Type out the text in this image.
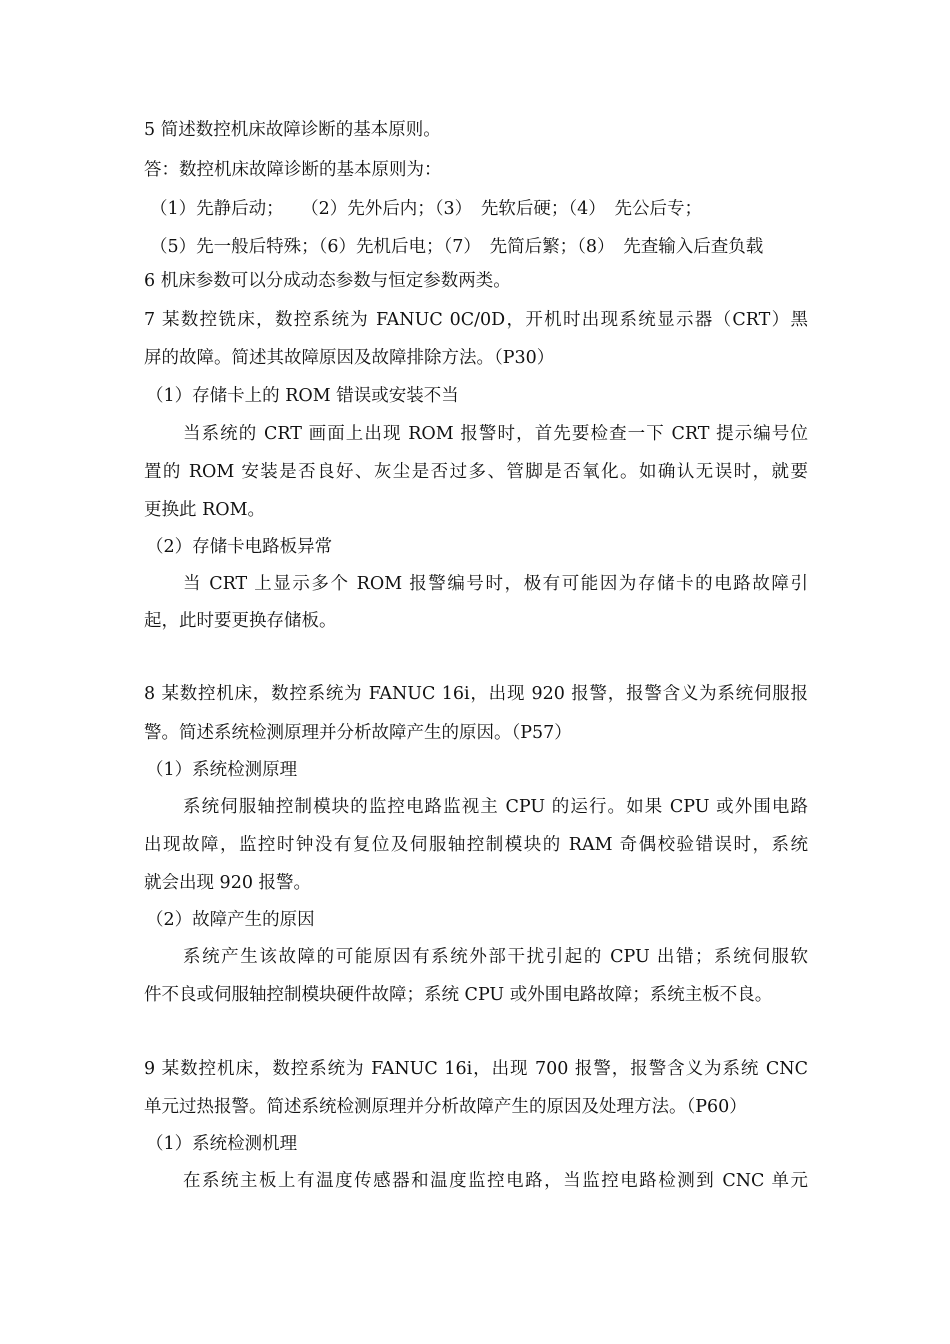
5 简述数控机床故障诊断的基本原则。
答：数控机床故障诊断的基本原则为：
（1）先静后动；　　（2）先外后内；（3）　先软后硬；（4）　先公后专；
（5）先一般后特殊；（6）先机后电；（7）　先简后繁；（8）　先查输入后查负载
6 机床参数可以分成动态参数与恒定参数两类。
7 某数控铣床，数控系统为 FANUC 0C/0D，开机时出现系统显示器（CRT）黑
屏的故障。简述其故障原因及故障排除方法。（P30）
（1）存储卡上的 ROM 错误或安装不当
当系统的 CRT 画面上出现 ROM 报警时，首先要检查一下 CRT 提示编号位
置的 ROM 安装是否良好、灰尘是否过多、管脚是否氧化。如确认无误时，就要
更换此 ROM。
（2）存储卡电路板异常
当 CRT 上显示多个 ROM 报警编号时，极有可能因为存储卡的电路故障引
起，此时要更换存储板。
8 某数控机床，数控系统为 FANUC 16i，出现 920 报警，报警含义为系统伺服报
警。简述系统检测原理并分析故障产生的原因。（P57）
（1）系统检测原理
系统伺服轴控制模块的监控电路监视主 CPU 的运行。如果 CPU 或外围电路
出现故障，监控时钟没有复位及伺服轴控制模块的 RAM 奇偶校验错误时，系统
就会出现 920 报警。
（2）故障产生的原因
系统产生该故障的可能原因有系统外部干扰引起的 CPU 出错；系统伺服软
件不良或伺服轴控制模块硬件故障；系统 CPU 或外围电路故障；系统主板不良。
9 某数控机床，数控系统为 FANUC 16i，出现 700 报警，报警含义为系统 CNC
单元过热报警。简述系统检测原理并分析故障产生的原因及处理方法。（P60）
（1）系统检测机理
在系统主板上有温度传感器和温度监控电路，当监控电路检测到 CNC 单元
